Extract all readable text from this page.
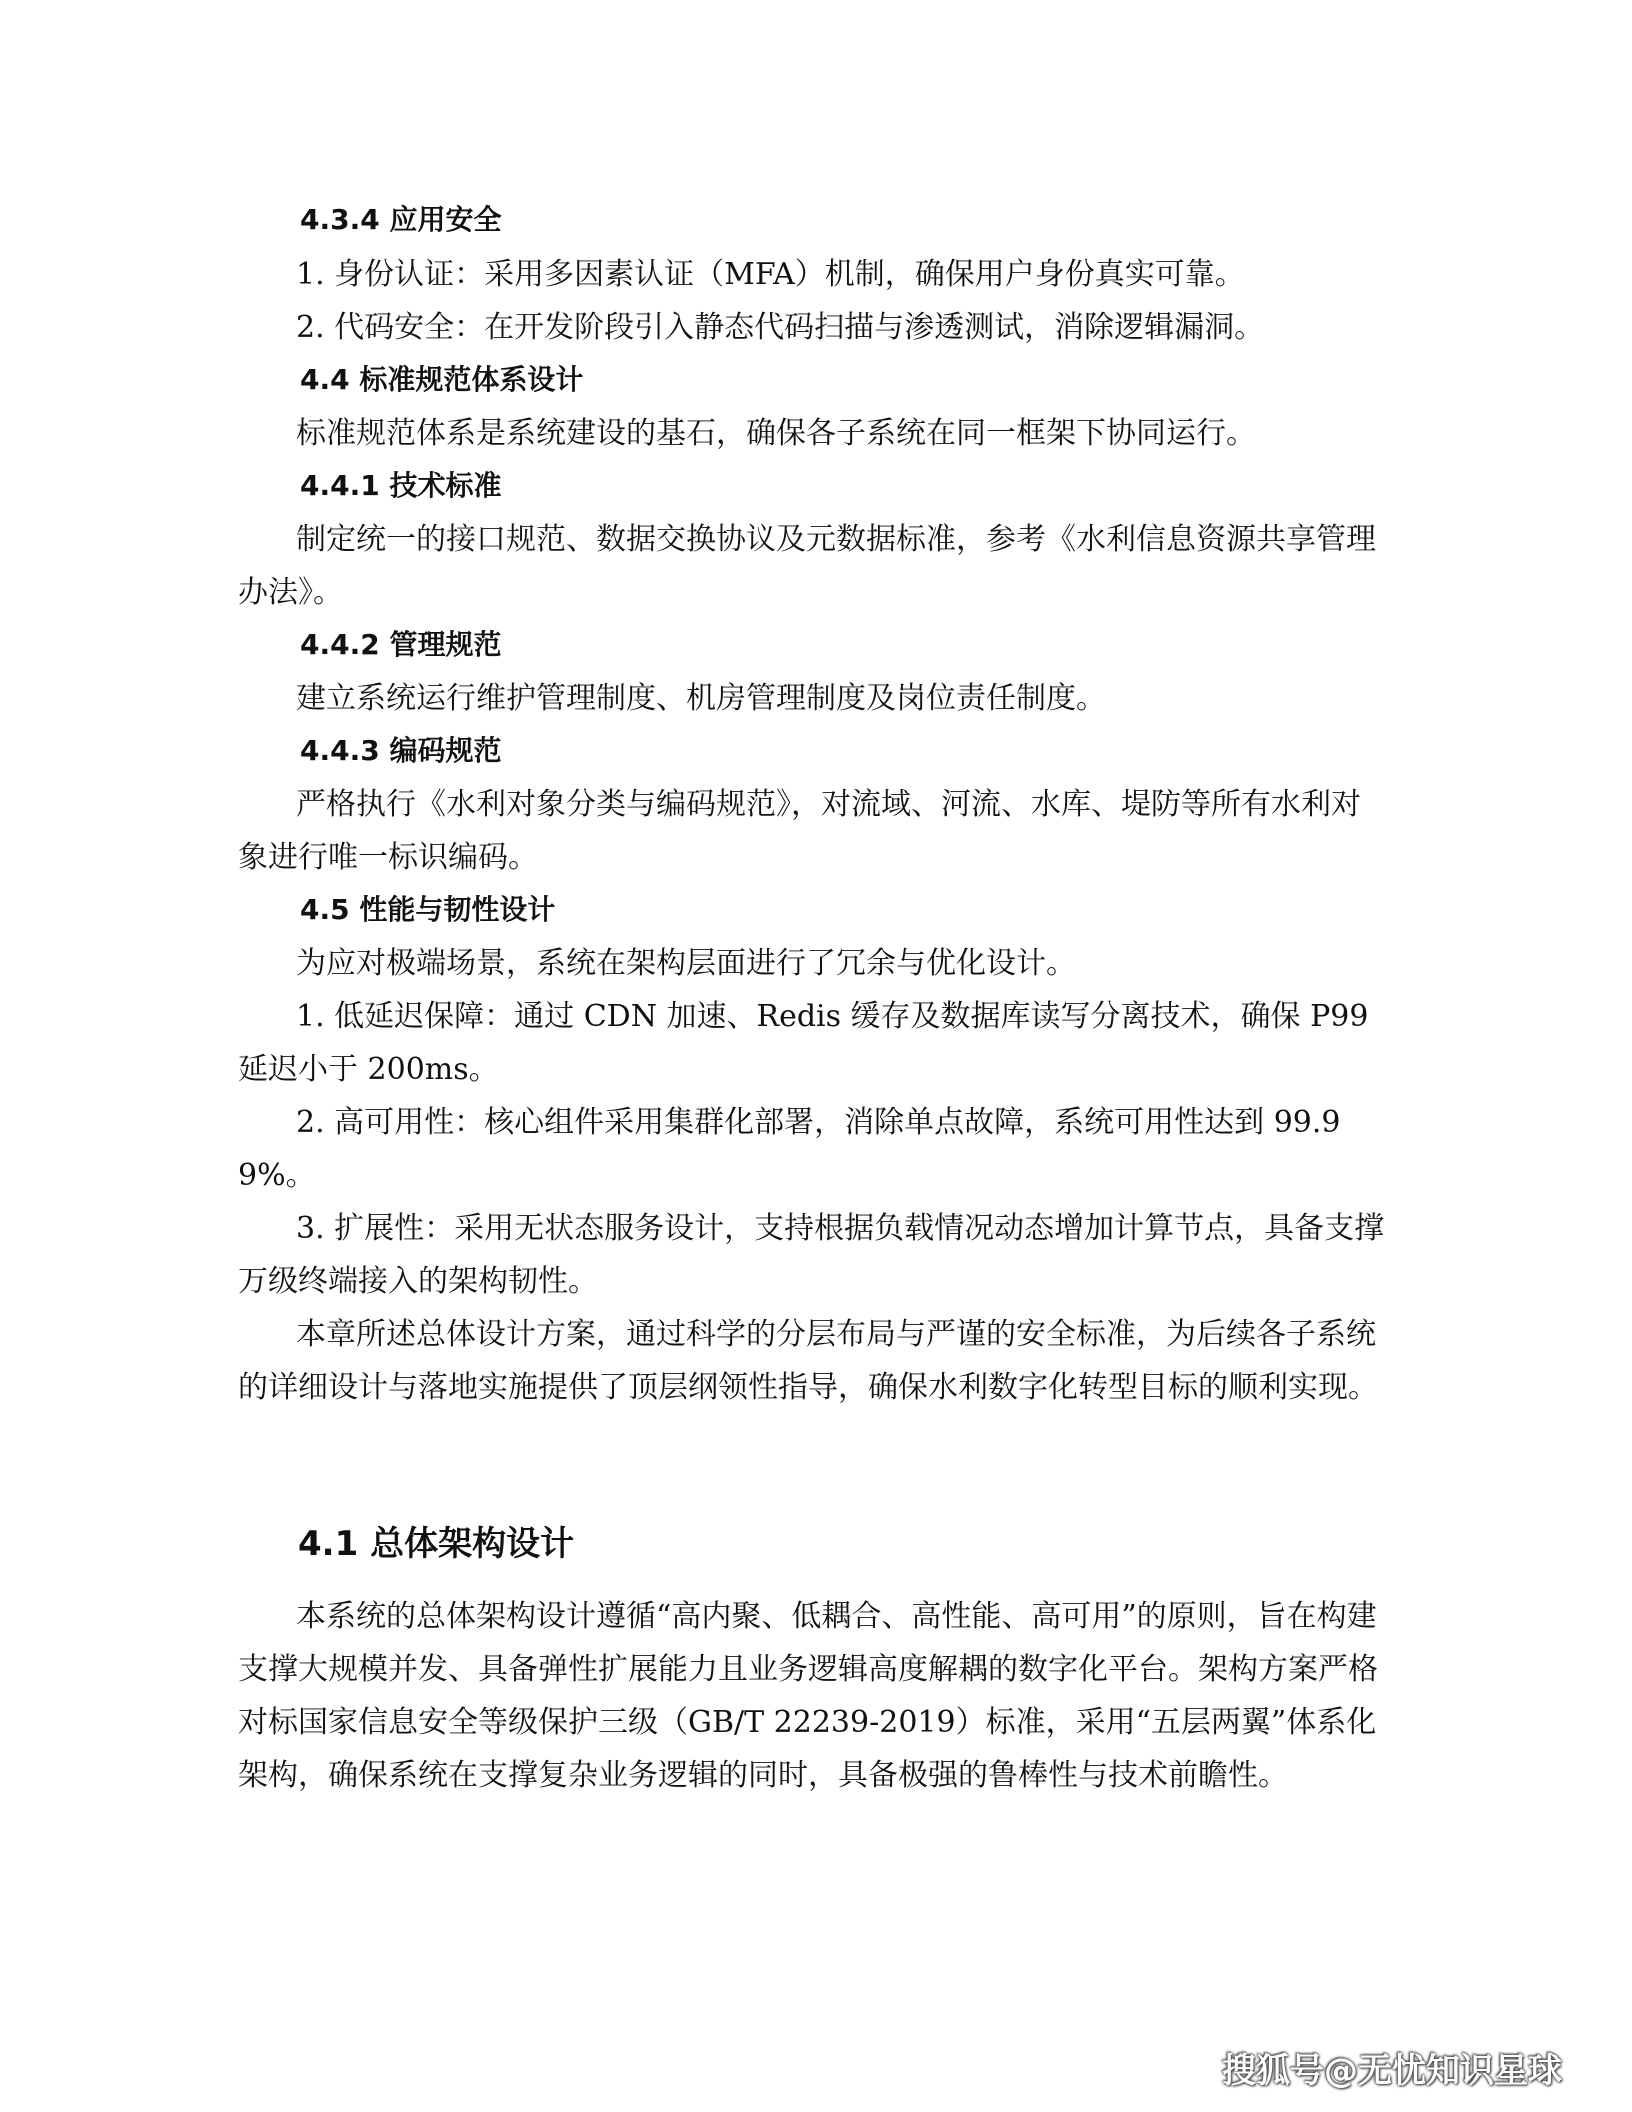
4.3.4 应用安全

1. 身份认证：采用多因素认证（MFA）机制，确保用户身份真实可靠。

2. 代码安全：在开发阶段引入静态代码扫描与渗透测试，消除逻辑漏洞。

4.4 标准规范体系设计

标准规范体系是系统建设的基石，确保各子系统在同一框架下协同运行。

4.4.1 技术标准

制定统一的接口规范、数据交换协议及元数据标准，参考《水利信息资源共享管理办法》。

4.4.2 管理规范

建立系统运行维护管理制度、机房管理制度及岗位责任制度。

4.4.3 编码规范

严格执行《水利对象分类与编码规范》，对流域、河流、水库、堤防等所有水利对象进行唯一标识编码。

4.5 性能与韧性设计

为应对极端场景，系统在架构层面进行了冗余与优化设计。

1. 低延迟保障：通过 CDN 加速、Redis 缓存及数据库读写分离技术，确保 P99 延迟小于 200ms。

2. 高可用性：核心组件采用集群化部署，消除单点故障，系统可用性达到 99.99%。

3. 扩展性：采用无状态服务设计，支持根据负载情况动态增加计算节点，具备支撑万级终端接入的架构韧性。

本章所述总体设计方案，通过科学的分层布局与严谨的安全标准，为后续各子系统的详细设计与落地实施提供了顶层纲领性指导，确保水利数字化转型目标的顺利实现。

4.1 总体架构设计

本系统的总体架构设计遵循“高内聚、低耦合、高性能、高可用”的原则，旨在构建支撑大规模并发、具备弹性扩展能力且业务逻辑高度解耦的数字化平台。架构方案严格对标国家信息安全等级保护三级（GB/T 22239-2019）标准，采用“五层两翼”体系化架构，确保系统在支撑复杂业务逻辑的同时，具备极强的鲁棒性与技术前瞻性。

搜狐号@无忧知识星球
